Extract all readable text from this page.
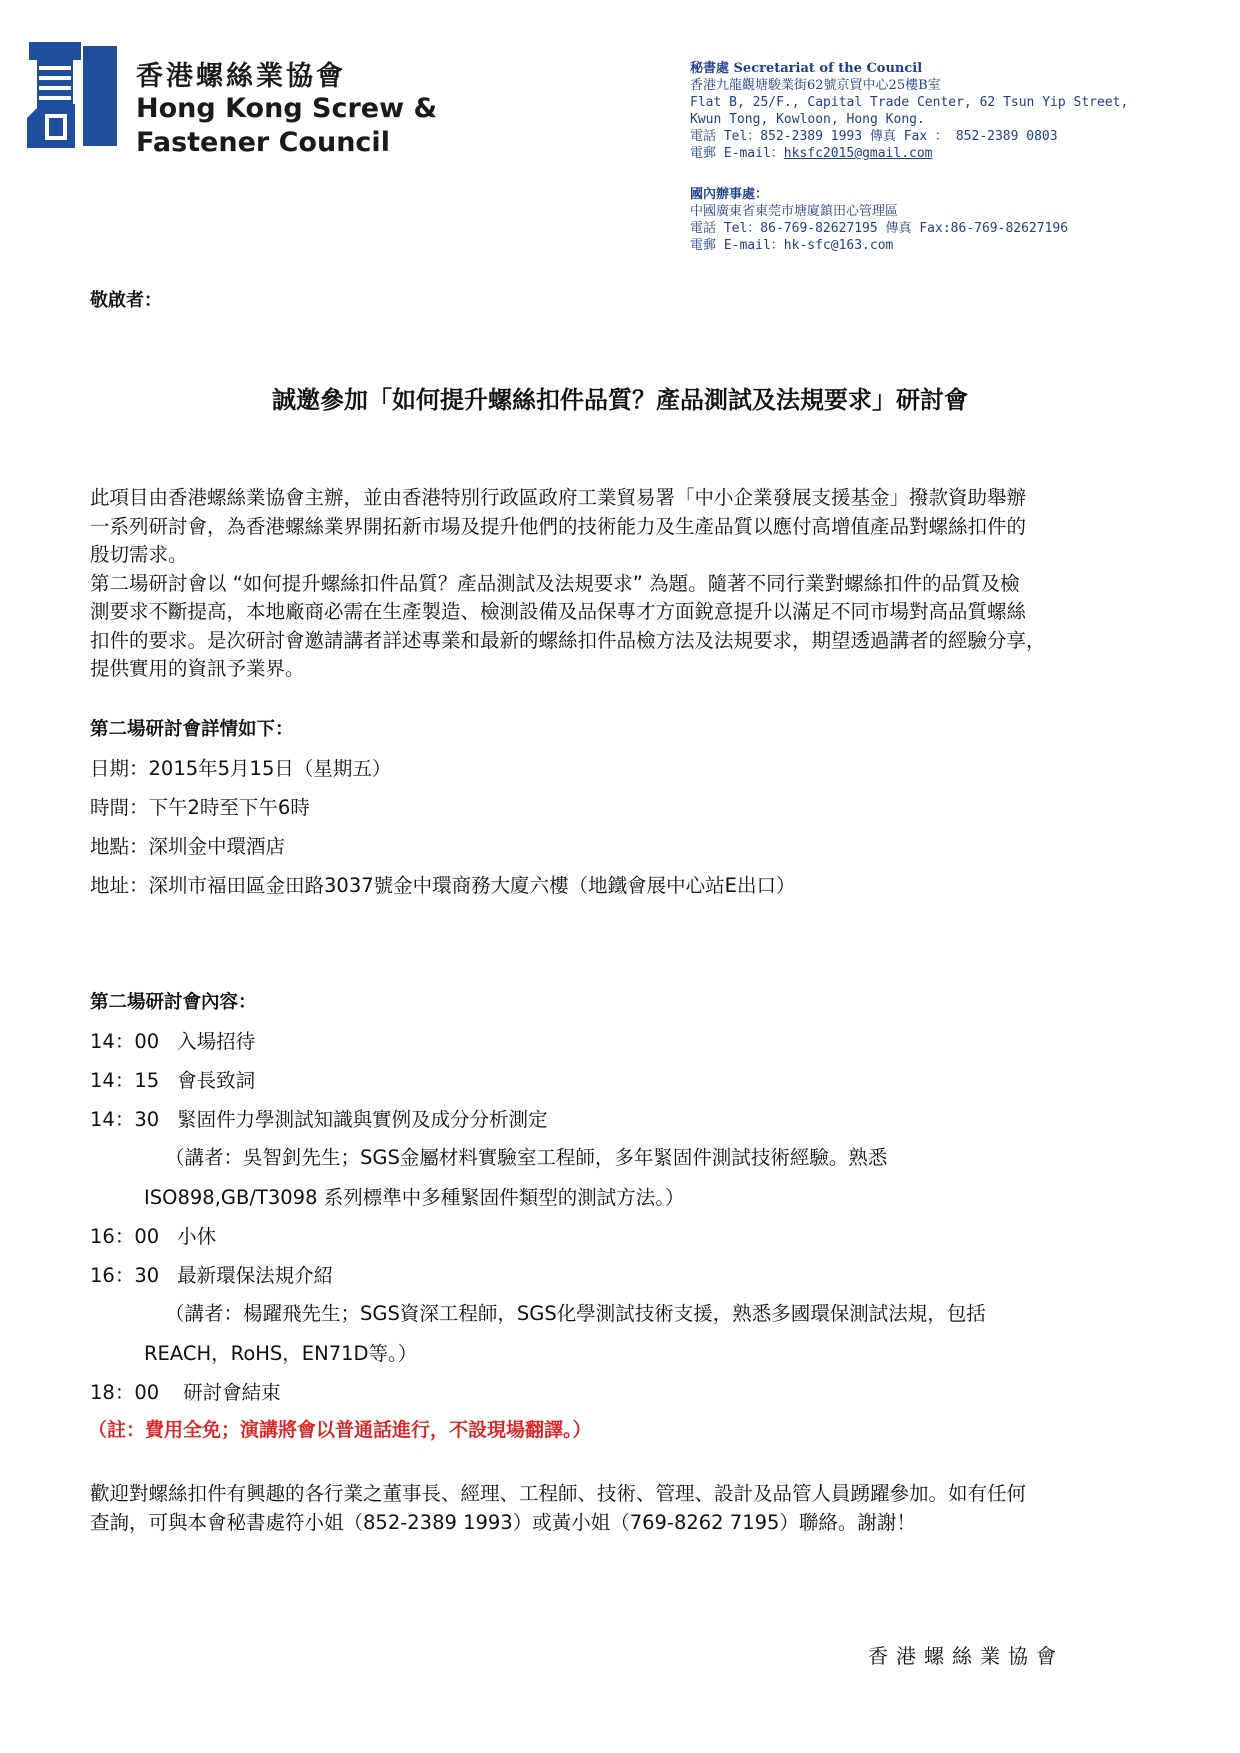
香港螺絲業協會
Hong Kong Screw &
Fastener Council
秘書處 Secretariat of the Council
香港九龍觀塘駿業街62號京貿中心25樓B室
Flat B, 25/F., Capital Trade Center, 62 Tsun Yip Street,
Kwun Tong, Kowloon, Hong Kong.
電話 Tel：852-2389 1993 傳真 Fax ： 852-2389 0803
電郵 E-mail：hksfc2015@gmail.com
國內辦事處：
中國廣東省東莞市塘廈鎮田心管理區
電話 Tel：86-769-82627195 傳真 Fax:86-769-82627196
電郵 E-mail：hk-sfc@163.com
敬啟者：
誠邀參加「如何提升螺絲扣件品質？產品測試及法規要求」研討會
此項目由香港螺絲業協會主辦，並由香港特別行政區政府工業貿易署「中小企業發展支援基金」撥款資助舉辦
一系列研討會，為香港螺絲業界開拓新市場及提升他們的技術能力及生產品質以應付高增值產品對螺絲扣件的
殷切需求。
第二場研討會以 “如何提升螺絲扣件品質？產品測試及法規要求” 為題。隨著不同行業對螺絲扣件的品質及檢
測要求不斷提高，本地廠商必需在生產製造、檢測設備及品保專才方面銳意提升以滿足不同市場對高品質螺絲
扣件的要求。是次研討會邀請講者詳述專業和最新的螺絲扣件品檢方法及法規要求，期望透過講者的經驗分享，
提供實用的資訊予業界。
第二場研討會詳情如下：
日期：2015年5月15日（星期五）
時間：下午2時至下午6時
地點：深圳金中環酒店
地址：深圳市福田區金田路3037號金中環商務大廈六樓（地鐵會展中心站E出口）
第二場研討會內容：
14：00 入場招待
14：15 會長致詞
14：30 緊固件力學測試知識與實例及成分分析測定
（講者：吳智釗先生；SGS金屬材料實驗室工程師，多年緊固件測試技術經驗。熟悉
ISO898,GB/T3098 系列標準中多種緊固件類型的測試方法。）
16：00 小休
16：30 最新環保法規介紹
（講者：楊躍飛先生；SGS資深工程師，SGS化學測試技術支援，熟悉多國環保測試法規，包括
REACH，RoHS，EN71D等。）
18：00 研討會結束
（註：費用全免；演講將會以普通話進行，不設現場翻譯。）
歡迎對螺絲扣件有興趣的各行業之董事長、經理、工程師、技術、管理、設計及品管人員踴躍參加。如有任何
查詢，可與本會秘書處符小姐（852-2389 1993）或黃小姐（769-8262 7195）聯絡。謝謝！
香港螺絲業協會
